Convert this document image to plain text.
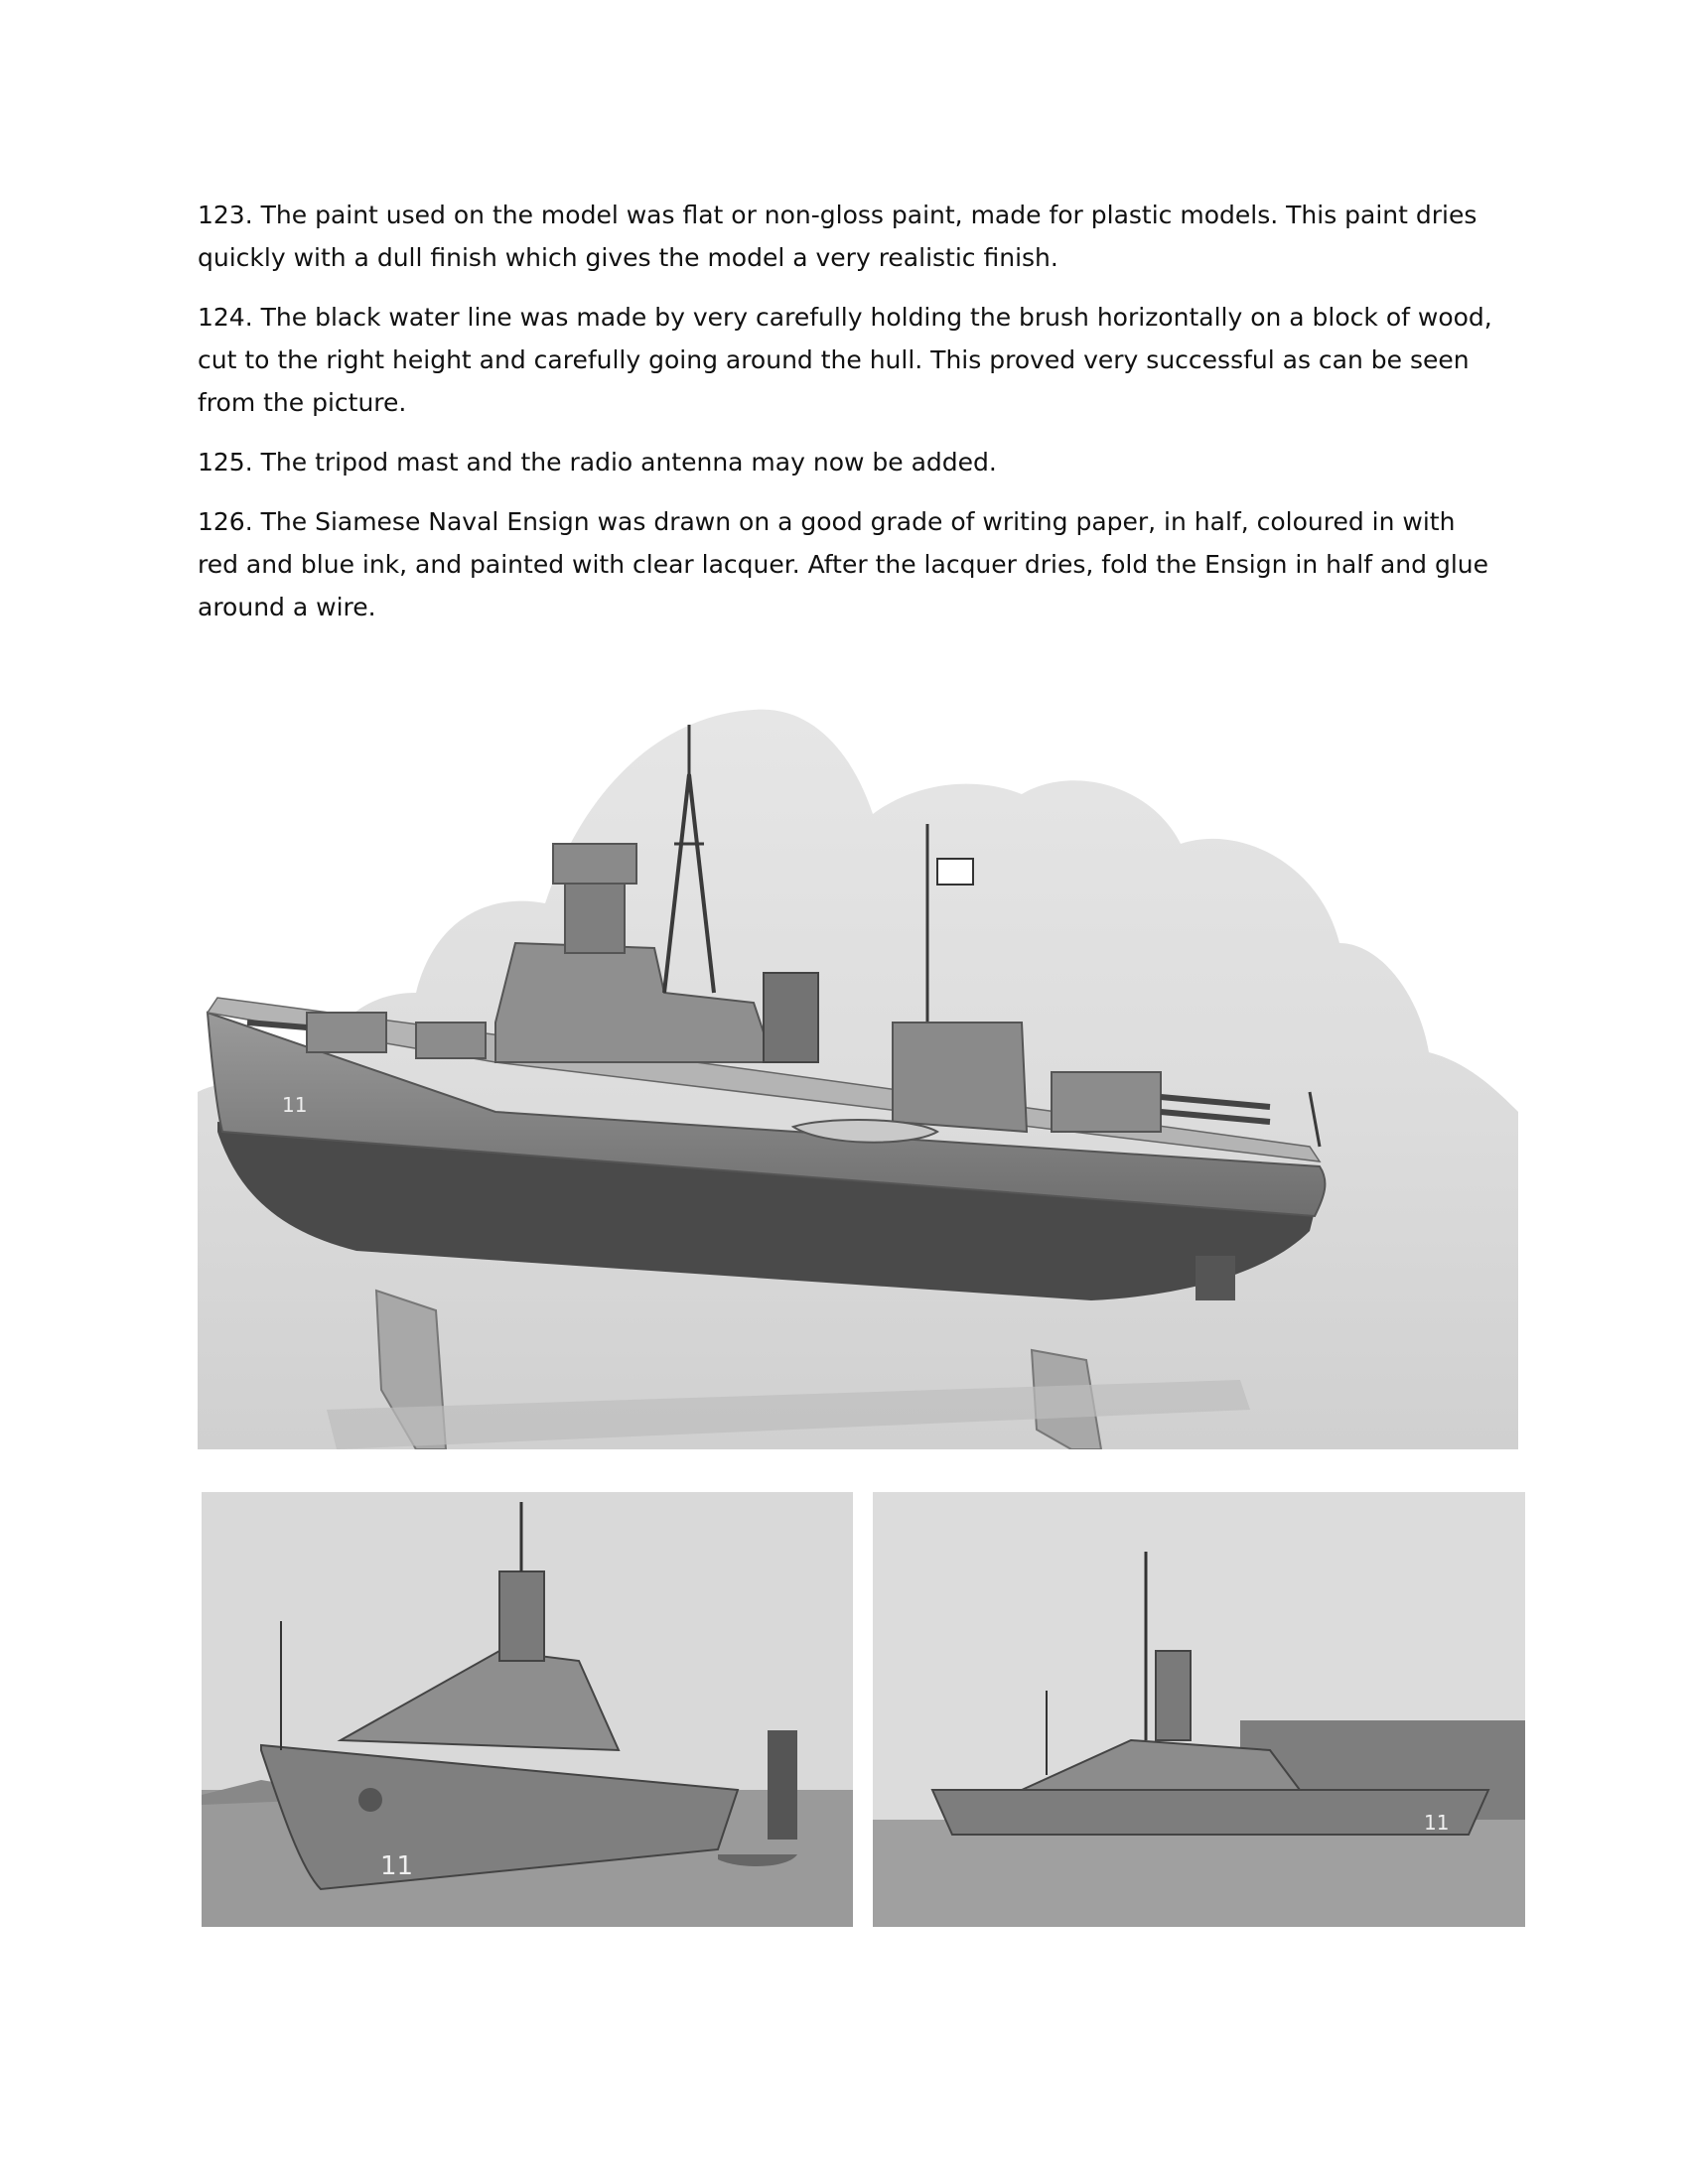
123. The paint used on the model was flat or non-gloss paint, made for plastic models. This paint dries quickly with a dull finish which gives the model a very realistic finish.

124. The black water line was made by very carefully holding the brush horizontally on a block of wood, cut to the right height and carefully going around the hull. This proved very successful as can be seen from the picture.

125. The tripod mast and the radio antenna may now be added.

126. The Siamese Naval Ensign was drawn on a good grade of writing paper, in half, coloured in with red and blue ink, and painted with clear lacquer. After the lacquer dries, fold the Ensign in half and glue around a wire.

11
11
11
